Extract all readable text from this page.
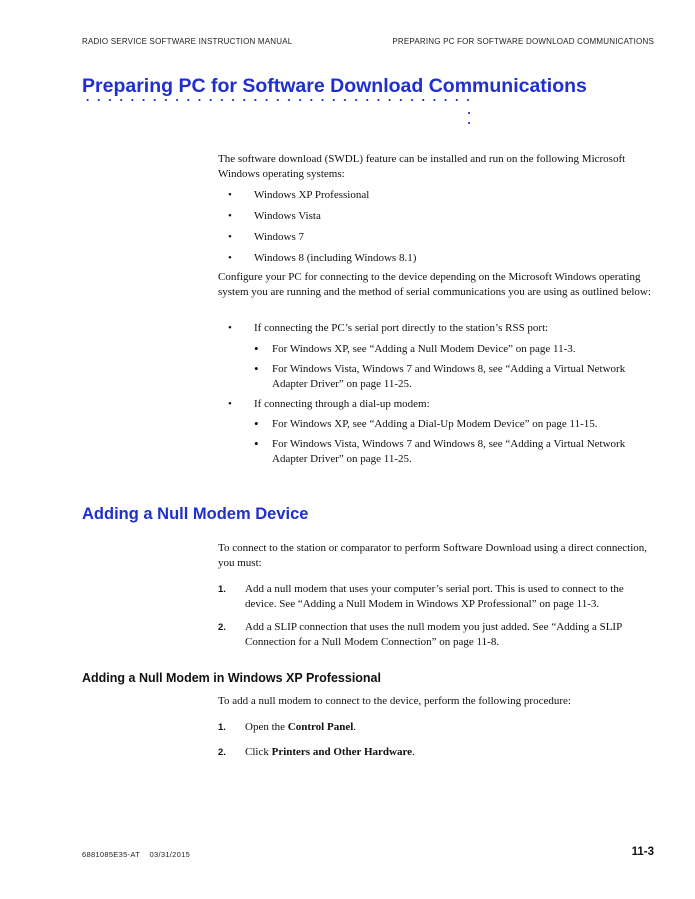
RADIO SERVICE SOFTWARE INSTRUCTION MANUAL	PREPARING PC FOR SOFTWARE DOWNLOAD COMMUNICATIONS
Preparing PC for Software Download Communications

The software download (SWDL) feature can be installed and run on the following Microsoft Windows operating systems:

• Windows XP Professional
• Windows Vista
• Windows 7
• Windows 8 (including Windows 8.1)

Configure your PC for connecting to the device depending on the Microsoft Windows operating system you are running and the method of serial communications you are using as outlined below:

• If connecting the PC’s serial port directly to the station’s RSS port:
• For Windows XP, see “Adding a Null Modem Device” on page 11-3.
• For Windows Vista, Windows 7 and Windows 8, see “Adding a Virtual Network Adapter Driver” on page 11-25.
• If connecting through a dial-up modem:
• For Windows XP, see “Adding a Dial-Up Modem Device” on page 11-15.
• For Windows Vista, Windows 7 and Windows 8, see “Adding a Virtual Network Adapter Driver” on page 11-25.
Adding a Null Modem Device

To connect to the station or comparator to perform Software Download using a direct connection, you must:

1. Add a null modem that uses your computer’s serial port. This is used to connect to the device. See “Adding a Null Modem in Windows XP Professional” on page 11-3.
2. Add a SLIP connection that uses the null modem you just added. See “Adding a SLIP Connection for a Null Modem Connection” on page 11-8.
Adding a Null Modem in Windows XP Professional

To add a null modem to connect to the device, perform the following procedure:

1. Open the Control Panel.
2. Click Printers and Other Hardware.
6881085E35-AT 03/31/2015	11-3
